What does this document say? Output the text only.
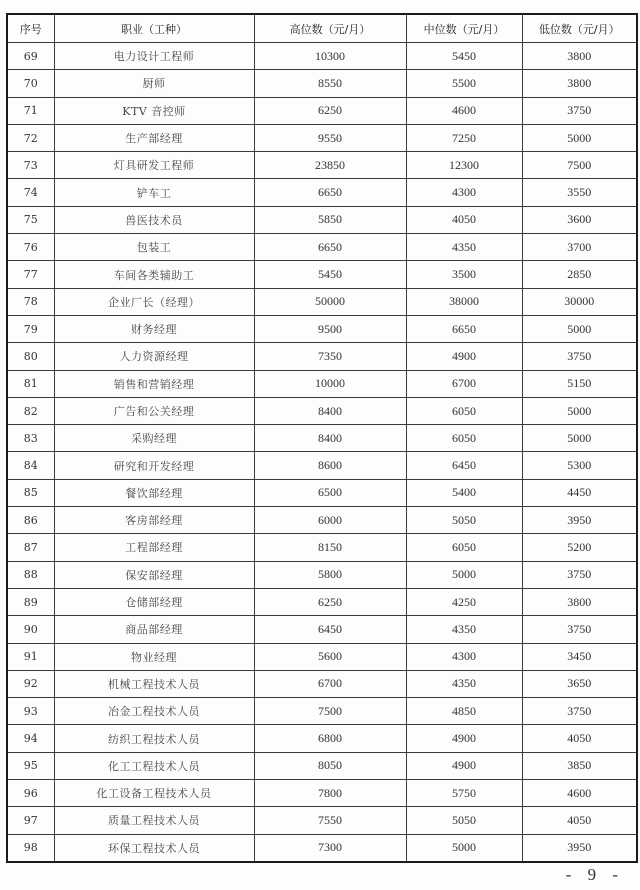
序号	职业（工种）	高位数（元/月）	中位数（元/月）	低位数（元/月）
69	电力设计工程师	10300	5450	3800
70	厨师	8550	5500	3800
71	KTV 音控师	6250	4600	3750
72	生产部经理	9550	7250	5000
73	灯具研发工程师	23850	12300	7500
74	铲车工	6650	4300	3550
75	兽医技术员	5850	4050	3600
76	包装工	6650	4350	3700
77	车间各类辅助工	5450	3500	2850
78	企业厂长（经理）	50000	38000	30000
79	财务经理	9500	6650	5000
80	人力资源经理	7350	4900	3750
81	销售和营销经理	10000	6700	5150
82	广告和公关经理	8400	6050	5000
83	采购经理	8400	6050	5000
84	研究和开发经理	8600	6450	5300
85	餐饮部经理	6500	5400	4450
86	客房部经理	6000	5050	3950
87	工程部经理	8150	6050	5200
88	保安部经理	5800	5000	3750
89	仓储部经理	6250	4250	3800
90	商品部经理	6450	4350	3750
91	物业经理	5600	4300	3450
92	机械工程技术人员	6700	4350	3650
93	冶金工程技术人员	7500	4850	3750
94	纺织工程技术人员	6800	4900	4050
95	化工工程技术人员	8050	4900	3850
96	化工设备工程技术人员	7800	5750	4600
97	质量工程技术人员	7550	5050	4050
98	环保工程技术人员	7300	5000	3950
- 9 -
